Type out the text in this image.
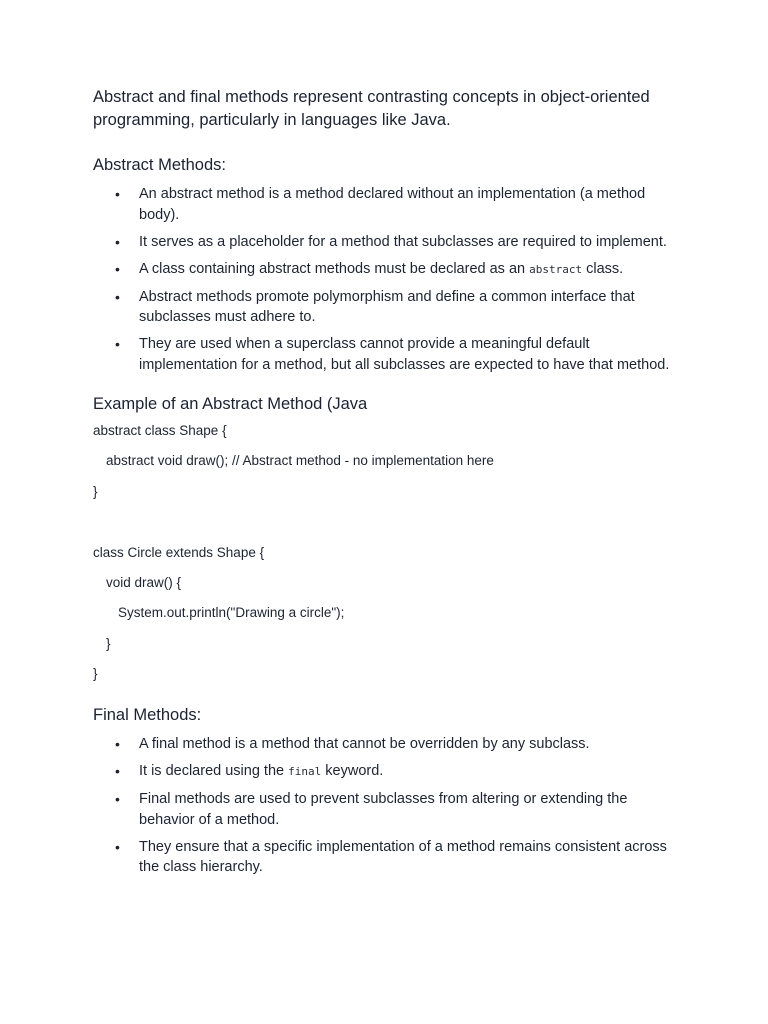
Abstract and final methods represent contrasting concepts in object-oriented programming, particularly in languages like Java.

Abstract Methods:
• An abstract method is a method declared without an implementation (a method body).
• It serves as a placeholder for a method that subclasses are required to implement.
• A class containing abstract methods must be declared as an abstract class.
• Abstract methods promote polymorphism and define a common interface that subclasses must adhere to.
• They are used when a superclass cannot provide a meaningful default implementation for a method, but all subclasses are expected to have that method.
Example of an Abstract Method (Java
abstract class Shape {
abstract void draw(); // Abstract method - no implementation here
}
class Circle extends Shape {
void draw() {
System.out.println("Drawing a circle");
}
}
Final Methods:
• A final method is a method that cannot be overridden by any subclass.
• It is declared using the final keyword.
• Final methods are used to prevent subclasses from altering or extending the behavior of a method.
• They ensure that a specific implementation of a method remains consistent across the class hierarchy.
